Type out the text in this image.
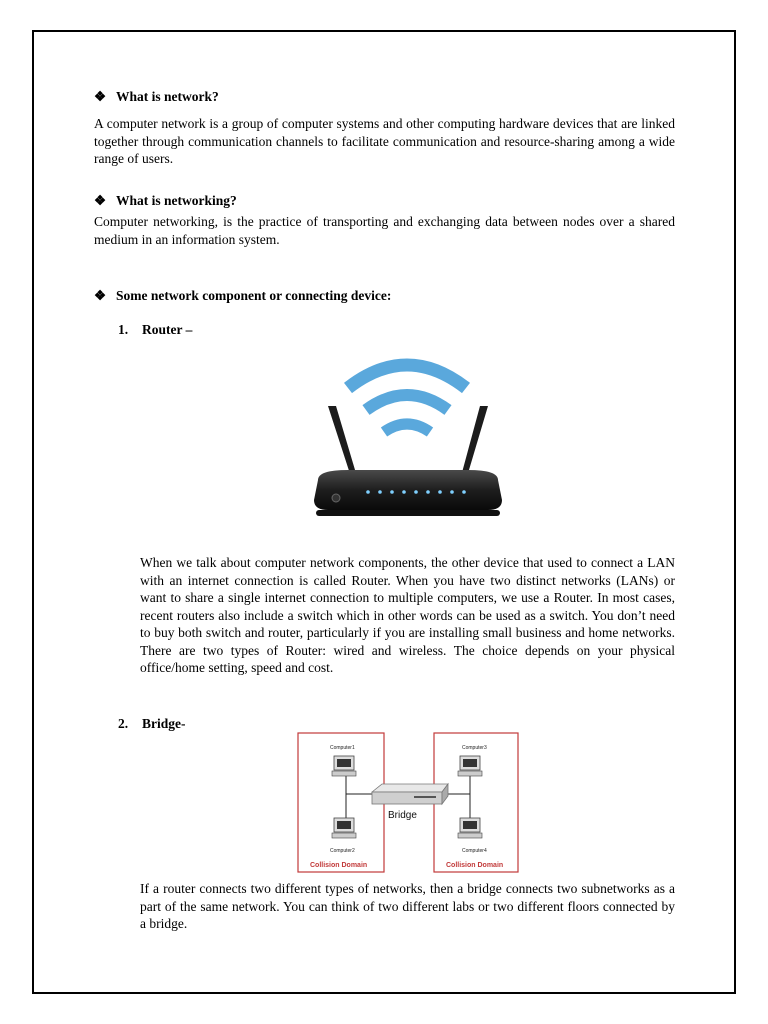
❖ What is network?
A computer network is a group of computer systems and other computing hardware devices that are linked together through communication channels to facilitate communication and resource-sharing among a wide range of users.
❖ What is networking?
Computer networking, is the practice of transporting and exchanging data between nodes over a shared medium in an information system.
❖ Some network component or connecting device:
1. Router –
When we talk about computer network components, the other device that used to connect a LAN with an internet connection is called Router. When you have two distinct networks (LANs) or want to share a single internet connection to multiple computers, we use a Router. In most cases, recent routers also include a switch which in other words can be used as a switch. You don’t need to buy both switch and router, particularly if you are installing small business and home networks. There are two types of Router: wired and wireless. The choice depends on your physical office/home setting, speed and cost.
2. Bridge-
Bridge
Computer1
Computer2
Computer3
Computer4
Collision Domain	Collision Domain
If a router connects two different types of networks, then a bridge connects two subnetworks as a part of the same network. You can think of two different labs or two different floors connected by a bridge.
